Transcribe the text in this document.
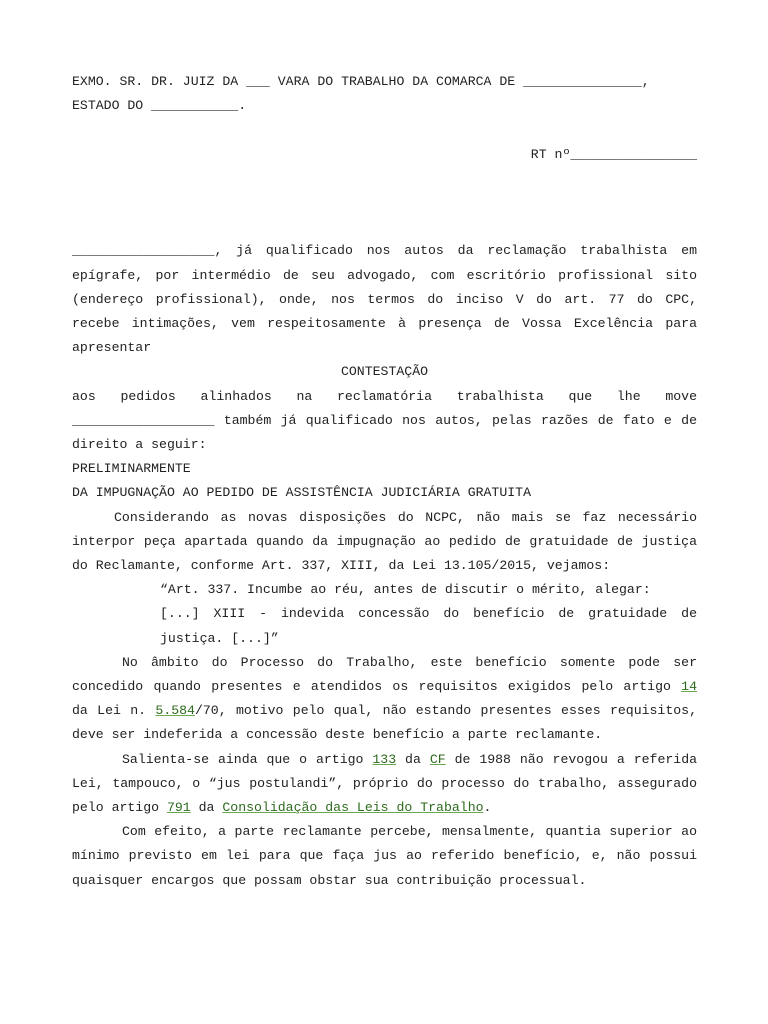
EXMO. SR. DR. JUIZ DA ___ VARA DO TRABALHO DA COMARCA DE _______________,

ESTADO DO ___________.

RT nº________________

__________________, já qualificado nos autos da reclamação trabalhista em epígrafe, por intermédio de seu advogado, com escritório profissional sito (endereço profissional), onde, nos termos do inciso V do art. 77 do CPC, recebe intimações, vem respeitosamente à presença de Vossa Excelência para apresentar

CONTESTAÇÃO

aos pedidos alinhados na reclamatória trabalhista que lhe move __________________ também já qualificado nos autos, pelas razões de fato e de direito a seguir:

PRELIMINARMENTE

DA IMPUGNAÇÃO AO PEDIDO DE ASSISTÊNCIA JUDICIÁRIA GRATUITA

Considerando as novas disposições do NCPC, não mais se faz necessário interpor peça apartada quando da impugnação ao pedido de gratuidade de justiça do Reclamante, conforme Art. 337, XIII, da Lei 13.105/2015, vejamos:

“Art. 337. Incumbe ao réu, antes de discutir o mérito, alegar:

[...] XIII - indevida concessão do benefício de gratuidade de justiça. [...]”

No âmbito do Processo do Trabalho, este benefício somente pode ser concedido quando presentes e atendidos os requisitos exigidos pelo artigo 14 da Lei n. 5.584/70, motivo pelo qual, não estando presentes esses requisitos, deve ser indeferida a concessão deste benefício a parte reclamante.

Salienta-se ainda que o artigo 133 da CF de 1988 não revogou a referida Lei, tampouco, o “jus postulandi”, próprio do processo do trabalho, assegurado pelo artigo 791 da Consolidação das Leis do Trabalho.

Com efeito, a parte reclamante percebe, mensalmente, quantia superior ao mínimo previsto em lei para que faça jus ao referido benefício, e, não possui quaisquer encargos que possam obstar sua contribuição processual.
